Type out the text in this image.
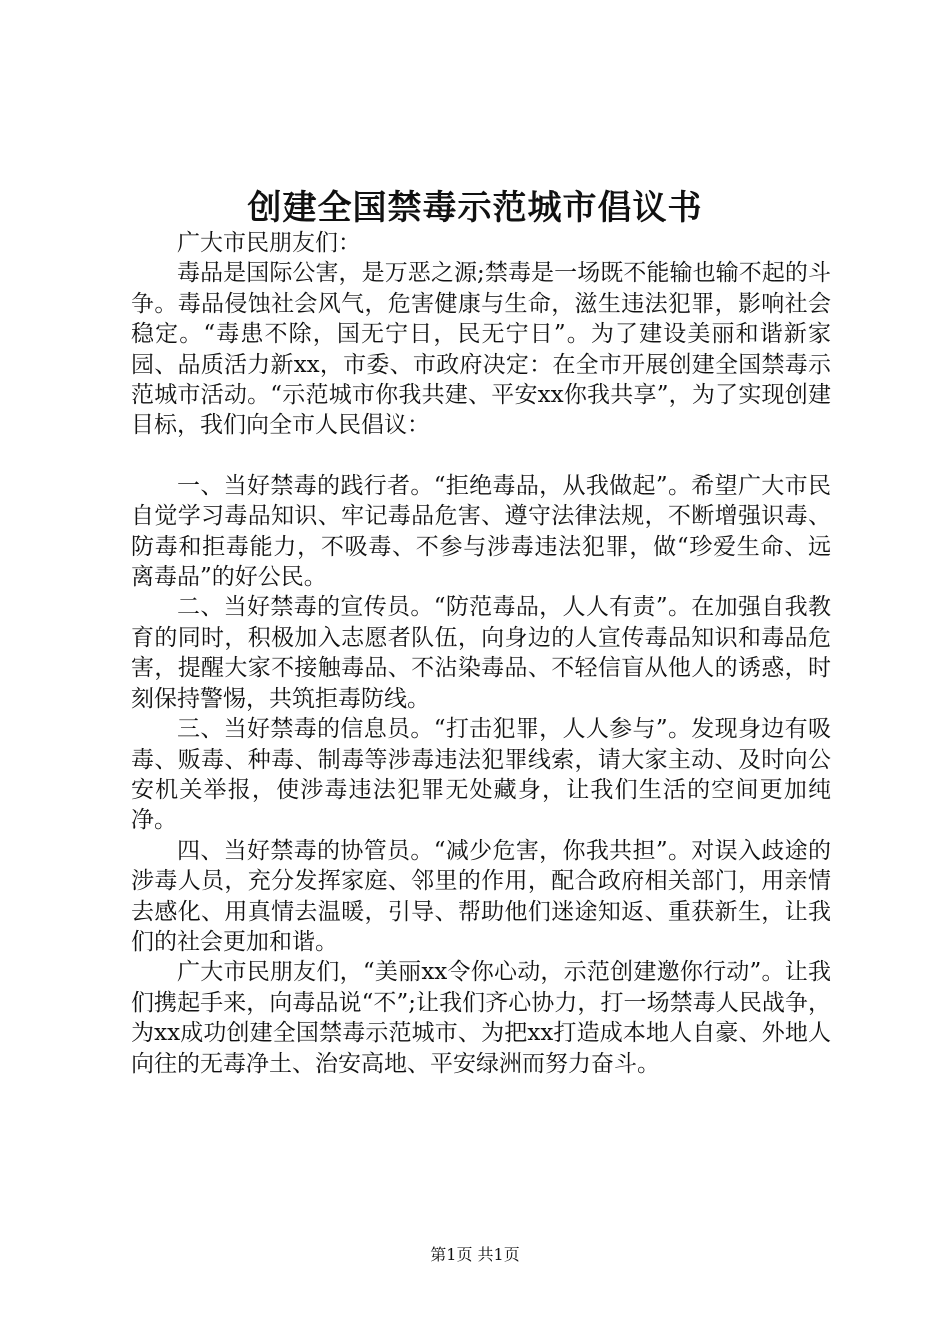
创建全国禁毒示范城市倡议书

广大市民朋友们：

毒品是国际公害，是万恶之源;禁毒是一场既不能输也输不起的斗争。毒品侵蚀社会风气，危害健康与生命，滋生违法犯罪，影响社会稳定。“毒患不除，国无宁日，民无宁日”。为了建设美丽和谐新家园、品质活力新xx，市委、市政府决定：在全市开展创建全国禁毒示范城市活动。“示范城市你我共建、平安xx你我共享”，为了实现创建目标，我们向全市人民倡议：

一、当好禁毒的践行者。“拒绝毒品，从我做起”。希望广大市民自觉学习毒品知识、牢记毒品危害、遵守法律法规，不断增强识毒、防毒和拒毒能力，不吸毒、不参与涉毒违法犯罪，做“珍爱生命、远离毒品”的好公民。

二、当好禁毒的宣传员。“防范毒品，人人有责”。在加强自我教育的同时，积极加入志愿者队伍，向身边的人宣传毒品知识和毒品危害，提醒大家不接触毒品、不沾染毒品、不轻信盲从他人的诱惑，时刻保持警惕，共筑拒毒防线。

三、当好禁毒的信息员。“打击犯罪，人人参与”。发现身边有吸毒、贩毒、种毒、制毒等涉毒违法犯罪线索，请大家主动、及时向公安机关举报，使涉毒违法犯罪无处藏身，让我们生活的空间更加纯净。

四、当好禁毒的协管员。“减少危害，你我共担”。对误入歧途的涉毒人员，充分发挥家庭、邻里的作用，配合政府相关部门，用亲情去感化、用真情去温暖，引导、帮助他们迷途知返、重获新生，让我们的社会更加和谐。

广大市民朋友们，“美丽xx令你心动，示范创建邀你行动”。让我们携起手来，向毒品说“不”;让我们齐心协力，打一场禁毒人民战争，为xx成功创建全国禁毒示范城市、为把xx打造成本地人自豪、外地人向往的无毒净土、治安高地、平安绿洲而努力奋斗。

第1页 共1页
